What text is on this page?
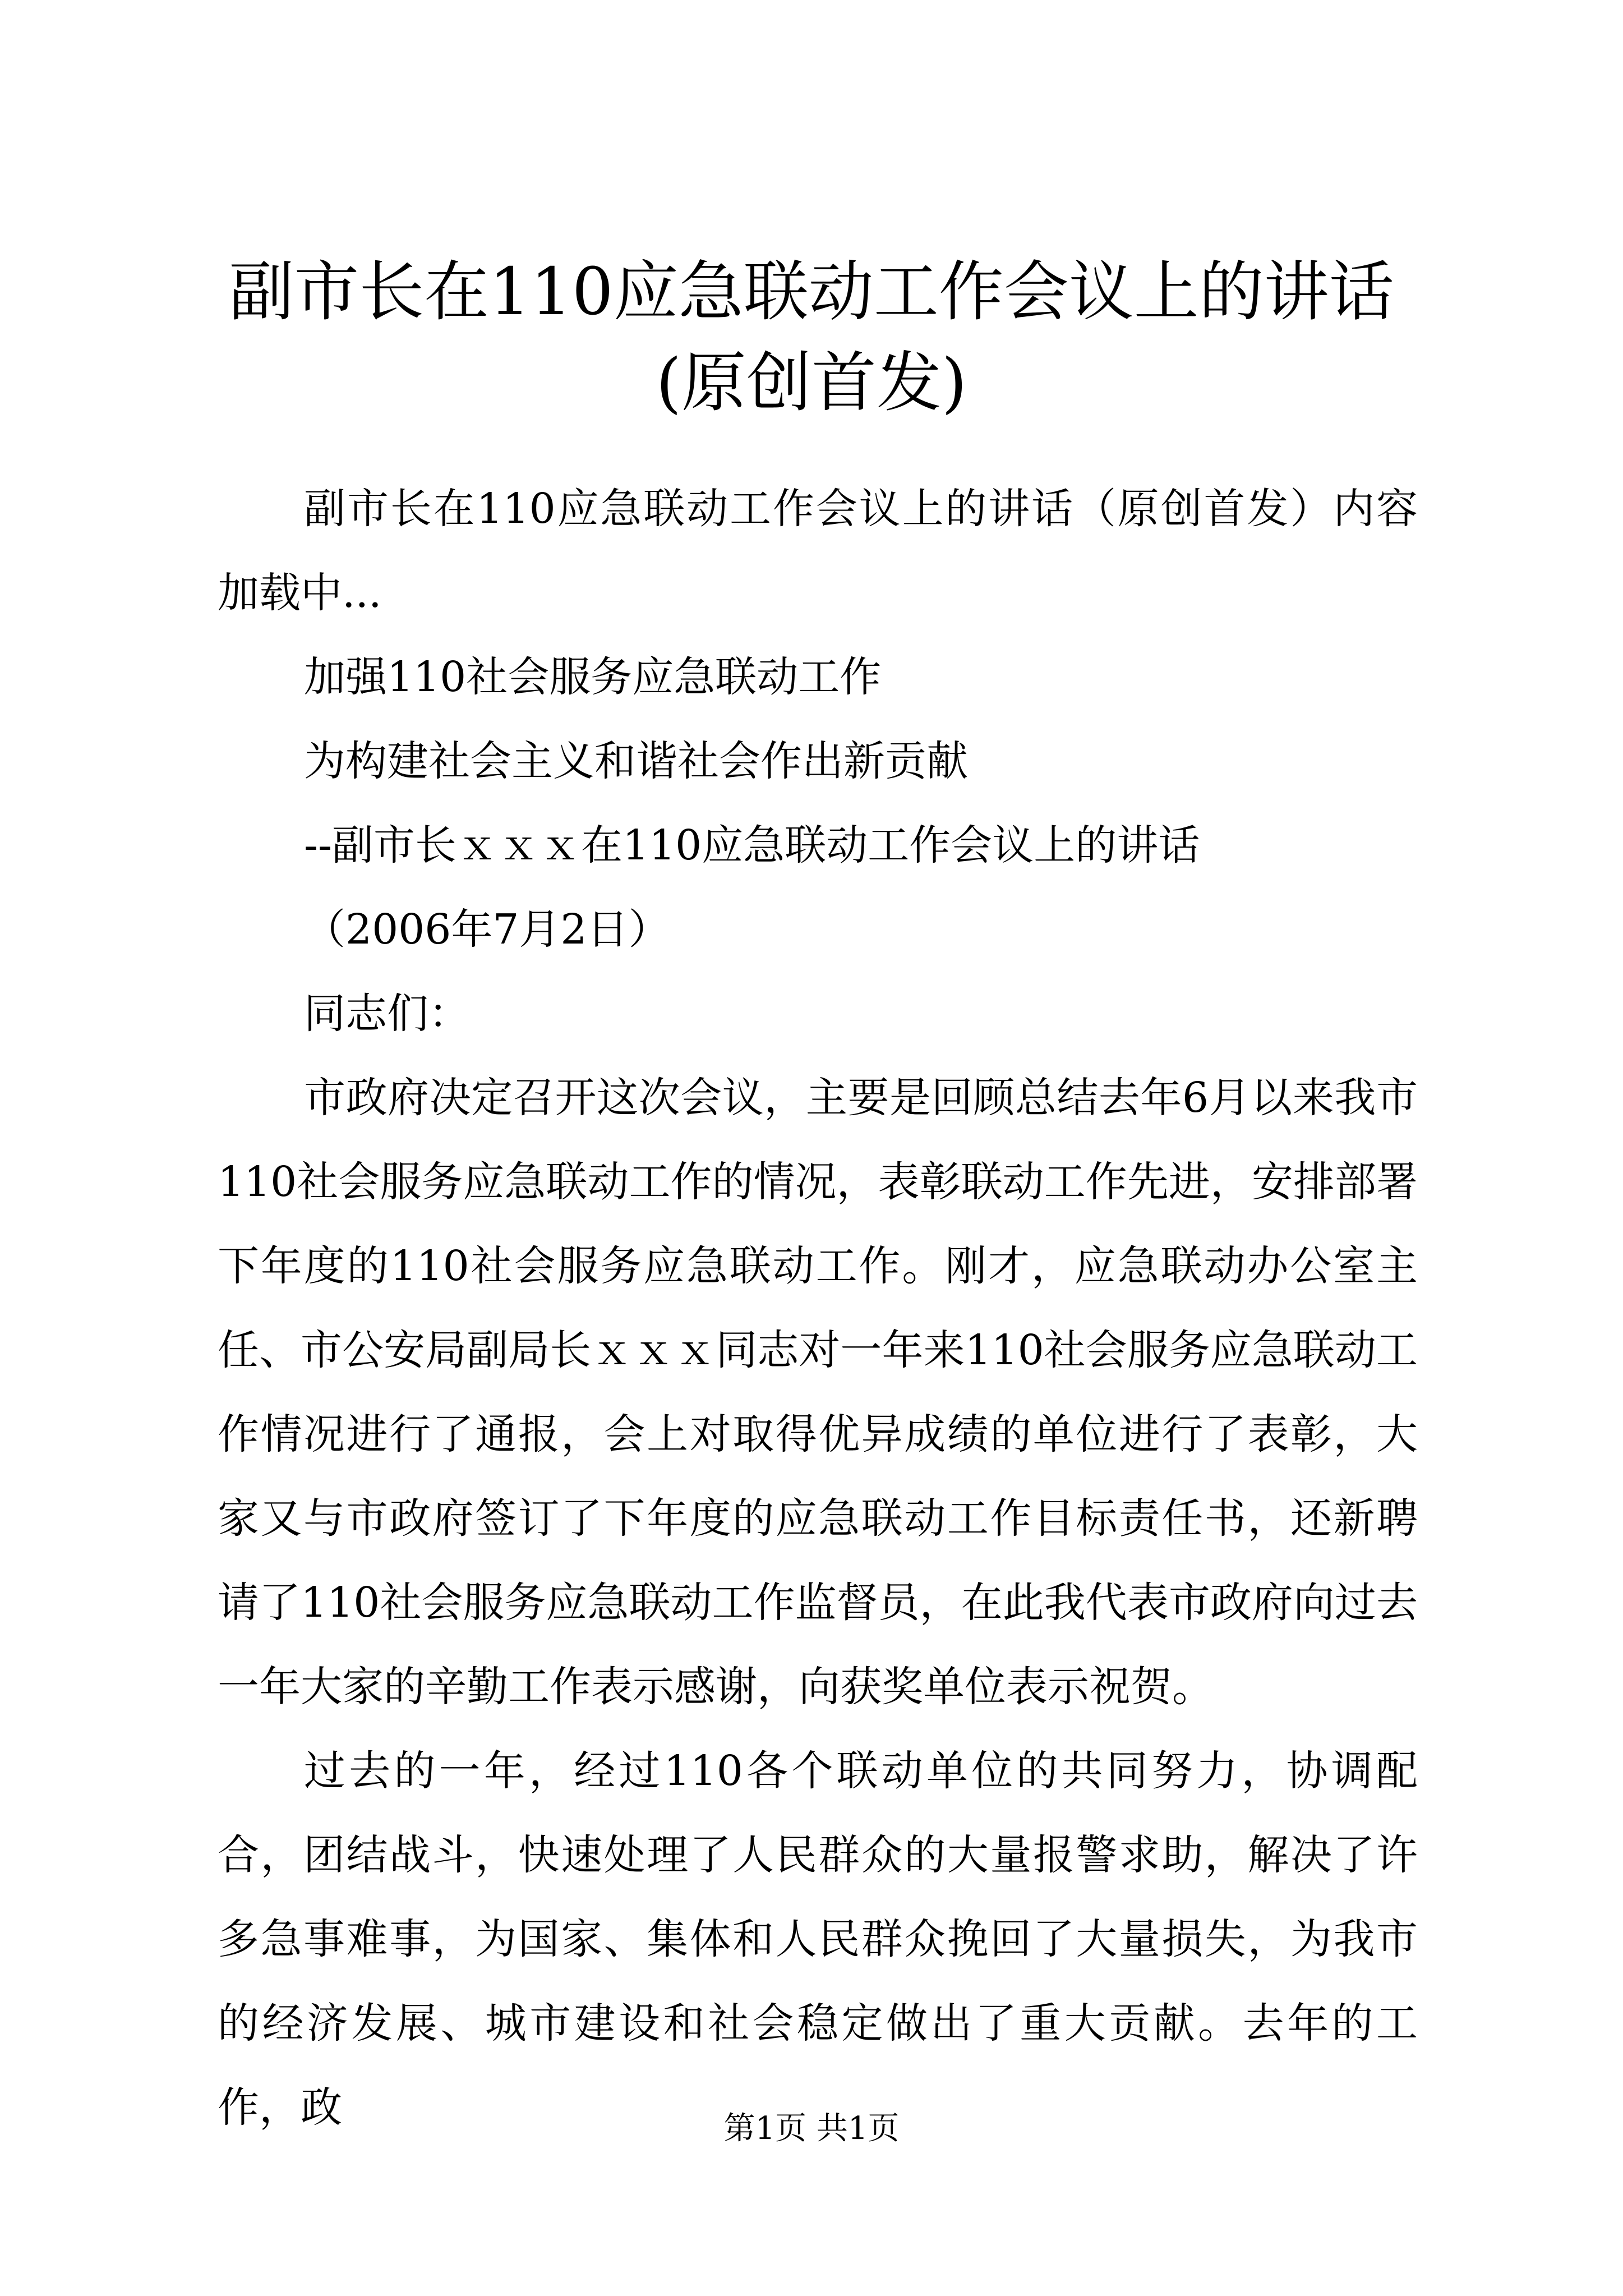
副市长在110应急联动工作会议上的讲话(原创首发)

副市长在110应急联动工作会议上的讲话（原创首发）内容加载中...

加强110社会服务应急联动工作

为构建社会主义和谐社会作出新贡献

--副市长ｘｘｘ在110应急联动工作会议上的讲话

（2006年7月2日）

同志们：

市政府决定召开这次会议，主要是回顾总结去年6月以来我市110社会服务应急联动工作的情况，表彰联动工作先进，安排部署下年度的110社会服务应急联动工作。刚才，应急联动办公室主任、市公安局副局长ｘｘｘ同志对一年来110社会服务应急联动工作情况进行了通报，会上对取得优异成绩的单位进行了表彰，大家又与市政府签订了下年度的应急联动工作目标责任书，还新聘请了110社会服务应急联动工作监督员，在此我代表市政府向过去一年大家的辛勤工作表示感谢，向获奖单位表示祝贺。

过去的一年，经过110各个联动单位的共同努力，协调配合，团结战斗，快速处理了人民群众的大量报警求助，解决了许多急事难事，为国家、集体和人民群众挽回了大量损失，为我市的经济发展、城市建设和社会稳定做出了重大贡献。去年的工作，政	第1页 共1页
